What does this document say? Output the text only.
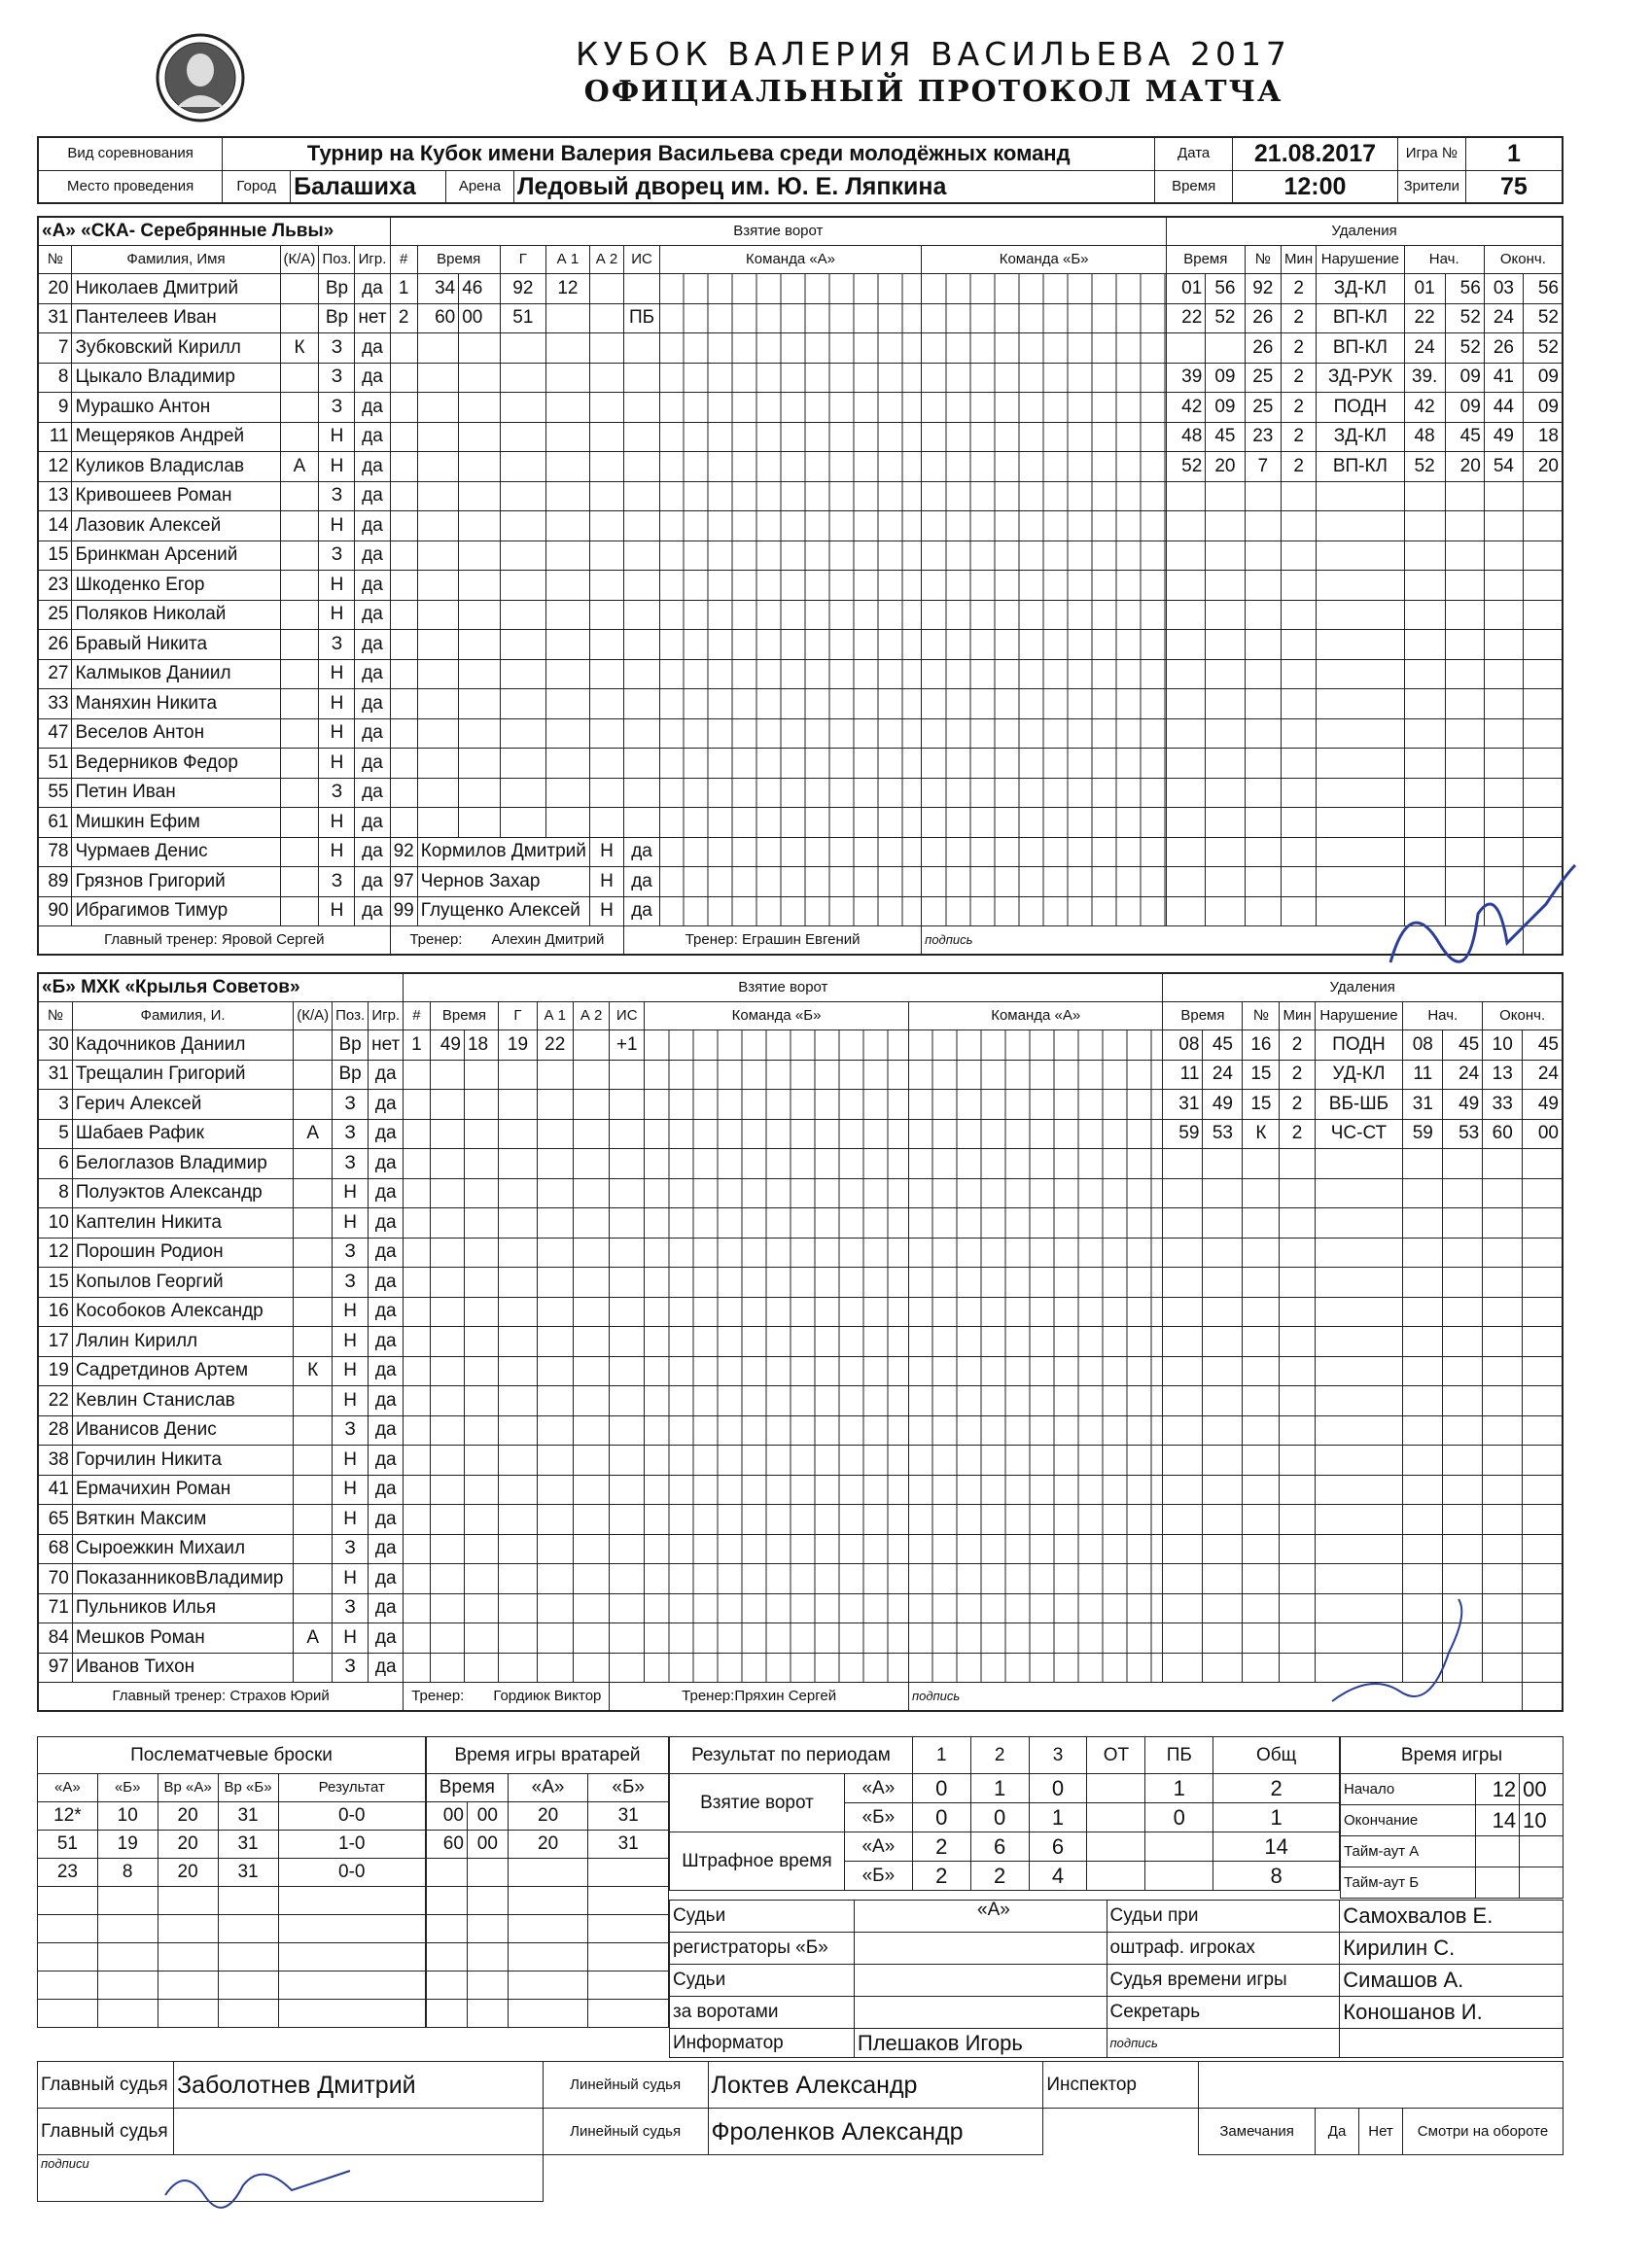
КУБОК ВАЛЕРИЯ ВАСИЛЬЕВА 2017
ОФИЦИАЛЬНЫЙ ПРОТОКОЛ МАТЧА
Вид соревнования	Турнир на Кубок имени Валерия Васильева среди молодёжных команд				Дата	21.08.2017	Игра №	1
Место проведения	Город	Балашиха	Арена	Ледовый дворец им. Ю. Е. Ляпкина	Время	12:00	Зрители	75
«А» «СКА- Серебрянные Львы»					Взятие ворот									Удаления								
№	Фамилия, Имя	(К/А)	Поз.	Игр.	#	Время		Г	А 1	А 2	ИС	Команда «А»	Команда «Б»	Время		№	Мин	Нарушение	Нач.		Оконч.	
20	Николаев Дмитрий		Вр	да	1	34	46	92	12					01	56	92	2	ЗД-КЛ	01	56	03	56
31	Пантелеев Иван		Вр	нет	2	60	00	51			ПБ			22	52	26	2	ВП-КЛ	22	52	24	52
7	Зубковский Кирилл	К	З	да												26	2	ВП-КЛ	24	52	26	52
8	Цыкало Владимир		З	да										39	09	25	2	ЗД-РУК	39.	09	41	09
9	Мурашко Антон		З	да										42	09	25	2	ПОДН	42	09	44	09
11	Мещеряков Андрей		Н	да										48	45	23	2	ЗД-КЛ	48	45	49	18
12	Куликов Владислав	А	Н	да										52	20	7	2	ВП-КЛ	52	20	54	20
13	Кривошеев Роман		З	да																		
14	Лазовик Алексей		Н	да																		
15	Бринкман Арсений		З	да																		
23	Шкоденко Егор		Н	да																		
25	Поляков Николай		Н	да																		
26	Бравый Никита		З	да																		
27	Калмыков Даниил		Н	да																		
33	Маняхин Никита		Н	да																		
47	Веселов Антон		Н	да																		
51	Ведерников Федор		Н	да																		
55	Петин Иван		З	да																		
61	Мишкин Ефим		Н	да																		
78	Чурмаев Денис		Н	да	92	Кормилов Дмитрий				Н	да											
89	Грязнов Григорий		З	да	97	Чернов Захар				Н	да											
90	Ибрагимов Тимур		Н	да	99	Глущенко Алексей				Н	да											
Главный тренер: Яровой Сергей					Тренер: Алехин Дмитрий						Тренер: Еграшин Евгений		подпись									
«Б» МХК «Крылья Советов»					Взятие ворот									Удаления								
№	Фамилия, И.	(К/А)	Поз.	Игр.	#	Время		Г	А 1	А 2	ИС	Команда «Б»	Команда «А»	Время		№	Мин	Нарушение	Нач.		Оконч.	
30	Кадочников Даниил		Вр	нет	1	49	18	19	22		+1			08	45	16	2	ПОДН	08	45	10	45
31	Трещалин Григорий		Вр	да										11	24	15	2	УД-КЛ	11	24	13	24
3	Герич Алексей		З	да										31	49	15	2	ВБ-ШБ	31	49	33	49
5	Шабаев Рафик	А	З	да										59	53	К	2	ЧС-СТ	59	53	60	00
6	Белоглазов Владимир		З	да																		
8	Полуэктов Александр		Н	да																		
10	Каптелин Никита		Н	да																		
12	Порошин Родион		З	да																		
15	Копылов Георгий		З	да																		
16	Кособоков Александр		Н	да																		
17	Лялин Кирилл		Н	да																		
19	Садретдинов Артем	К	Н	да																		
22	Кевлин Станислав		Н	да																		
28	Иванисов Денис		З	да																		
38	Горчилин Никита		Н	да																		
41	Ермачихин Роман		Н	да																		
65	Вяткин Максим		Н	да																		
68	Сыроежкин Михаил		З	да																		
70	ПоказанниковВладимир		Н	да																		
71	Пульников Илья		З	да																		
84	Мешков Роман	А	Н	да																		
97	Иванов Тихон		З	да																		
Главный тренер: Страхов Юрий					Тренер: Гордиюк Виктор						Тренер:Пряхин Сергей		подпись									
Послематчевые броски				
«А»	«Б»	Вр «А»	Вр «Б»	Результат
12*	10	20	31	0-0
51	19	20	31	1-0
23	8	20	31	0-0

Время игры вратарей			
Время		«А»	«Б»
00	00	20	31
60	00	20	31

Результат по периодам		1	2	3	ОТ	ПБ	Общ
Взятие ворот	«А»	0	1	0		1	2
	«Б»	0	0	1		0	1
Штрафное время	«А»	2	6	6			14
	«Б»	2	2	4			8
Время игры		
Начало	12	00
Окончание	14	10
Тайм-аут А		
Тайм-аут Б		
Судьи		Судьи при	Самохвалов Е.
регистраторы «Б»		оштраф. игроках	Кирилин С.
Судьи		Судья времени игры	Симашов А.
за воротами		Секретарь	Коношанов И.
Информатор	Плешаков Игорь	подпись	
«А»
Главный судья	Заболотнев Дмитрий	Линейный судья	Локтев Александр	Инспектор				
Главный судья		Линейный судья	Фроленков Александр		Замечания	Да	Нет	Смотри на обороте
подписи								
